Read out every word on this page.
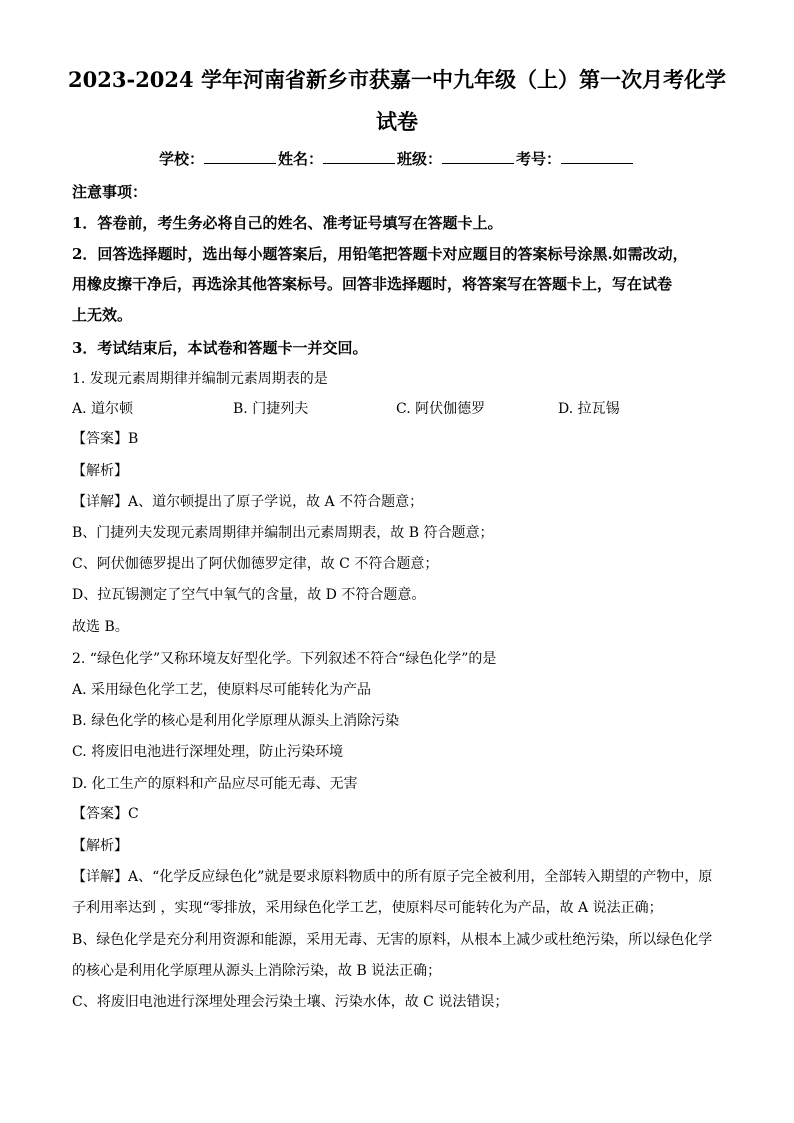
2023-2024 学年河南省新乡市获嘉一中九年级（上）第一次月考化学
试卷
学校：	姓名：	班级：	考号：
注意事项：
1．答卷前，考生务必将自己的姓名、准考证号填写在答题卡上。
2．回答选择题时，选出每小题答案后，用铅笔把答题卡对应题目的答案标号涂黑.如需改动，
用橡皮擦干净后，再选涂其他答案标号。回答非选择题时，将答案写在答题卡上，写在试卷
上无效。
3．考试结束后，本试卷和答题卡一并交回。
1. 发现元素周期律并编制元素周期表的是
A. 道尔顿	B. 门捷列夫	C. 阿伏伽德罗	D. 拉瓦锡
【答案】B
【解析】
【详解】A、道尔顿提出了原子学说，故 A 不符合题意；
B、门捷列夫发现元素周期律并编制出元素周期表，故 B 符合题意；
C、阿伏伽德罗提出了阿伏伽德罗定律，故 C 不符合题意；
D、拉瓦锡测定了空气中氧气的含量，故 D 不符合题意。
故选 B。
2. “绿色化学”又称环境友好型化学。下列叙述不符合“绿色化学”的是
A. 采用绿色化学工艺，使原料尽可能转化为产品
B. 绿色化学的核心是利用化学原理从源头上消除污染
C. 将废旧电池进行深埋处理，防止污染环境
D. 化工生产的原料和产品应尽可能无毒、无害
【答案】C
【解析】
【详解】A、“化学反应绿色化”就是要求原料物质中的所有原子完全被利用，全部转入期望的产物中，原
子利用率达到 ，实现“零排放，采用绿色化学工艺，使原料尽可能转化为产品，故 A 说法正确；
B、绿色化学是充分利用资源和能源，采用无毒、无害的原料，从根本上减少或杜绝污染，所以绿色化学
的核心是利用化学原理从源头上消除污染，故 B 说法正确；
C、将废旧电池进行深埋处理会污染土壤、污染水体，故 C 说法错误；
